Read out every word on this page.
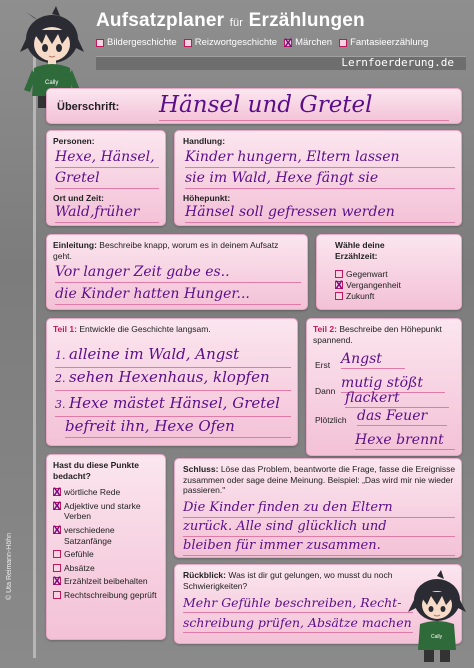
Cally
Aufsatzplaner für Erzählungen
Bildergeschichte Reizwortgeschichte
X Märchen Fantasieerzählung
Lernfoerderung.de
Überschrift: Hänsel und Gretel
Personen:
Hexe, Hänsel,
Gretel
Ort und Zeit:
Wald,früher
Handlung:
Kinder hungern, Eltern lassen
sie im Wald, Hexe fängt sie
Höhepunkt:
Hänsel soll gefressen werden
Einleitung: Beschreibe knapp, worum es in deinem Aufsatz geht.
Vor langer Zeit gabe es..
die Kinder hatten Hunger...
Wähle deine Erzählzeit:
Gegenwart
X
Vergangenheit
Zukunft
Teil 1: Entwickle die Geschichte langsam.
1. alleine im Wald, Angst
2. sehen Hexenhaus, klopfen
3. Hexe mästet Hänsel, Gretel
befreit ihn, Hexe Ofen
Teil 2: Beschreibe den Höhepunkt spannend.
Erst Angst
Dann mutig stößt
flackert
Plötzlich das Feuer
Hexe brennt
Hast du diese Punkte bedacht?
X
wörtliche Rede
X
Adjektive und starke Verben
X
verschiedene Satzanfänge
Gefühle
Absätze
X
Erzählzeit beibehalten
Rechtschreibung geprüft
Schluss: Löse das Problem, beantworte die Frage, fasse die Ereignisse zusammen oder sage deine Meinung. Beispiel: „Das wird mir nie wieder passieren."
Die Kinder finden zu den Eltern
zurück. Alle sind glücklich und
bleiben für immer zusammen.
Rückblick: Was ist dir gut gelungen, wo musst du noch Schwierigkeiten?
Mehr Gefühle beschreiben, Recht-
schreibung prüfen, Absätze machen
Cally
© Uta Reimann-Höhn
